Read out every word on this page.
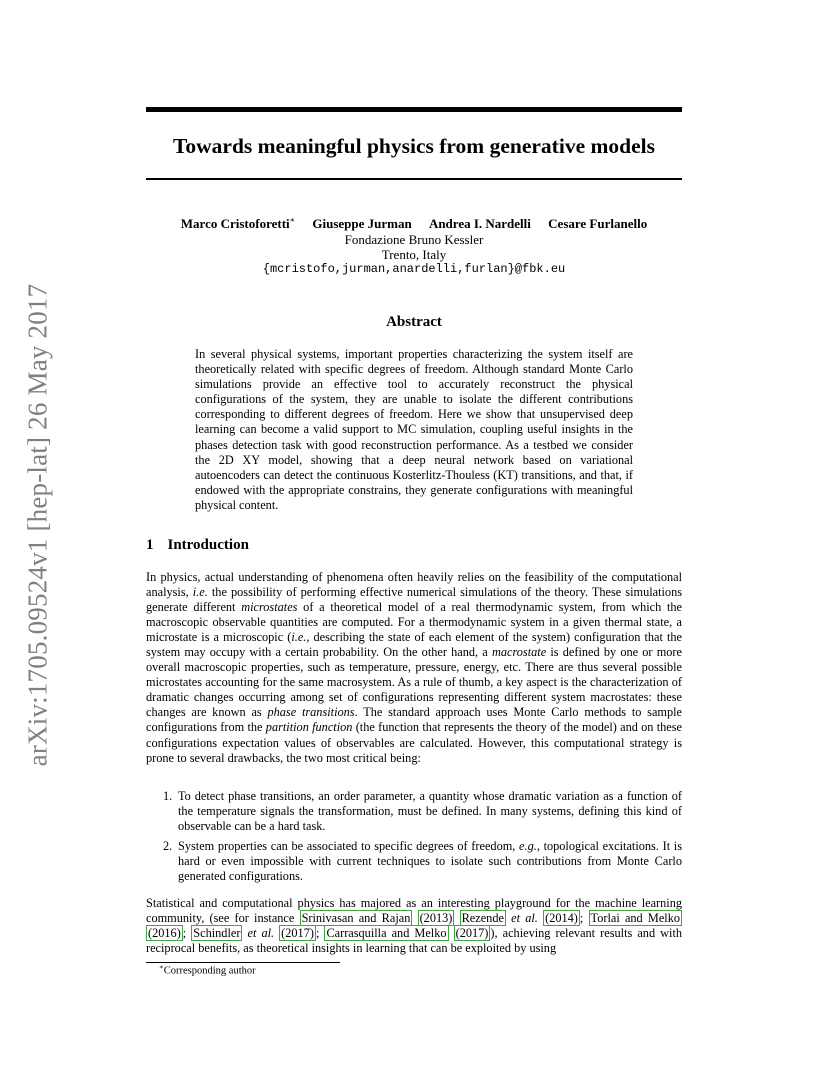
arXiv:1705.09524v1 [hep-lat] 26 May 2017
Towards meaningful physics from generative models
Marco Cristoforetti∗ Giuseppe Jurman Andrea I. Nardelli Cesare Furlanello
Fondazione Bruno Kessler
Trento, Italy
{mcristofo,jurman,anardelli,furlan}@fbk.eu
Abstract
In several physical systems, important properties characterizing the system itself are theoretically related with specific degrees of freedom. Although standard Monte Carlo simulations provide an effective tool to accurately reconstruct the physical configurations of the system, they are unable to isolate the different contributions corresponding to different degrees of freedom. Here we show that unsupervised deep learning can become a valid support to MC simulation, coupling useful insights in the phases detection task with good reconstruction performance. As a testbed we consider the 2D XY model, showing that a deep neural network based on variational autoencoders can detect the continuous Kosterlitz-Thouless (KT) transitions, and that, if endowed with the appropriate constrains, they generate configurations with meaningful physical content.
1 Introduction
In physics, actual understanding of phenomena often heavily relies on the feasibility of the computational analysis, i.e. the possibility of performing effective numerical simulations of the theory. These simulations generate different microstates of a theoretical model of a real thermodynamic system, from which the macroscopic observable quantities are computed. For a thermodynamic system in a given thermal state, a microstate is a microscopic (i.e., describing the state of each element of the system) configuration that the system may occupy with a certain probability. On the other hand, a macrostate is defined by one or more overall macroscopic properties, such as temperature, pressure, energy, etc. There are thus several possible microstates accounting for the same macrosystem. As a rule of thumb, a key aspect is the characterization of dramatic changes occurring among set of configurations representing different system macrostates: these changes are known as phase transitions. The standard approach uses Monte Carlo methods to sample configurations from the partition function (the function that represents the theory of the model) and on these configurations expectation values of observables are calculated. However, this computational strategy is prone to several drawbacks, the two most critical being:
1. To detect phase transitions, an order parameter, a quantity whose dramatic variation as a function of the temperature signals the transformation, must be defined. In many systems, defining this kind of observable can be a hard task.
2. System properties can be associated to specific degrees of freedom, e.g., topological excitations. It is hard or even impossible with current techniques to isolate such contributions from Monte Carlo generated configurations.
Statistical and computational physics has majored as an interesting playground for the machine learning community, (see for instance Srinivasan and Rajan (2013) Rezende et al. (2014) ; Torlai and Melko (2016) ; Schindler et al. (2017) ; Carrasquilla and Melko (2017) ), achieving relevant results and with reciprocal benefits, as theoretical insights in learning that can be exploited by using
∗Corresponding author
